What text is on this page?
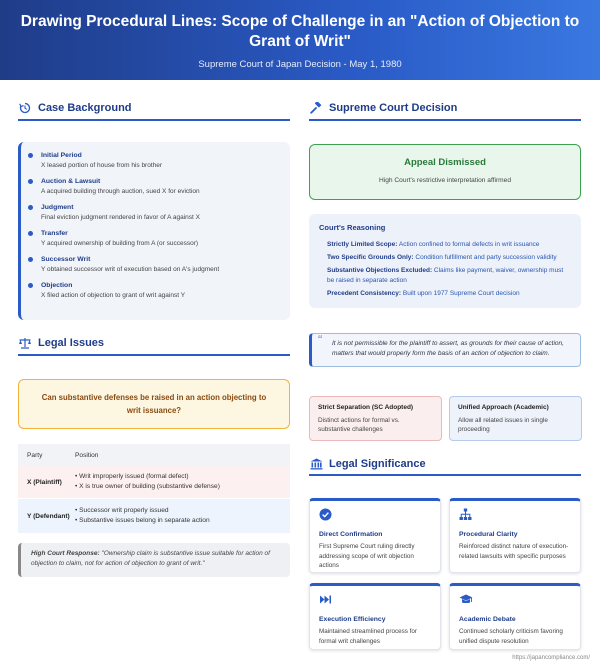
Drawing Procedural Lines: Scope of Challenge in an "Action of Objection to Grant of Writ"
Supreme Court of Japan Decision - May 1, 1980
Case Background
Initial Period
X leased portion of house from his brother
Auction & Lawsuit
A acquired building through auction, sued X for eviction
Judgment
Final eviction judgment rendered in favor of A against X
Transfer
Y acquired ownership of building from A (or successor)
Successor Writ
Y obtained successor writ of execution based on A's judgment
Objection
X filed action of objection to grant of writ against Y
Legal Issues
Can substantive defenses be raised in an action objecting to writ issuance?
Party	Position
X (Plaintiff)
• Writ improperly issued (formal defect)
• X is true owner of building (substantive defense)
Y (Defendant)
• Successor writ properly issued
• Substantive issues belong in separate action
High Court Response: "Ownership claim is substantive issue suitable for action of objection to claim, not for action of objection to grant of writ."
Supreme Court Decision
Appeal Dismissed
High Court's restrictive interpretation affirmed
Court's Reasoning
Strictly Limited Scope: Action confined to formal defects in writ issuance
Two Specific Grounds Only: Condition fulfillment and party succession validity
Substantive Objections Excluded: Claims like payment, waiver, ownership must be raised in separate action
Precedent Consistency: Built upon 1977 Supreme Court decision
“ It is not permissible for the plaintiff to assert, as grounds for their cause of action, matters that would properly form the basis of an action of objection to claim.
Strict Separation (SC Adopted)
Distinct actions for formal vs. substantive challenges
Unified Approach (Academic)
Allow all related issues in single proceeding
Legal Significance
Direct Confirmation
First Supreme Court ruling directly addressing scope of writ objection actions
Procedural Clarity
Reinforced distinct nature of execution-related lawsuits with specific purposes
Execution Efficiency
Maintained streamlined process for formal writ challenges
Academic Debate
Continued scholarly criticism favoring unified dispute resolution
https://japancompliance.com/
